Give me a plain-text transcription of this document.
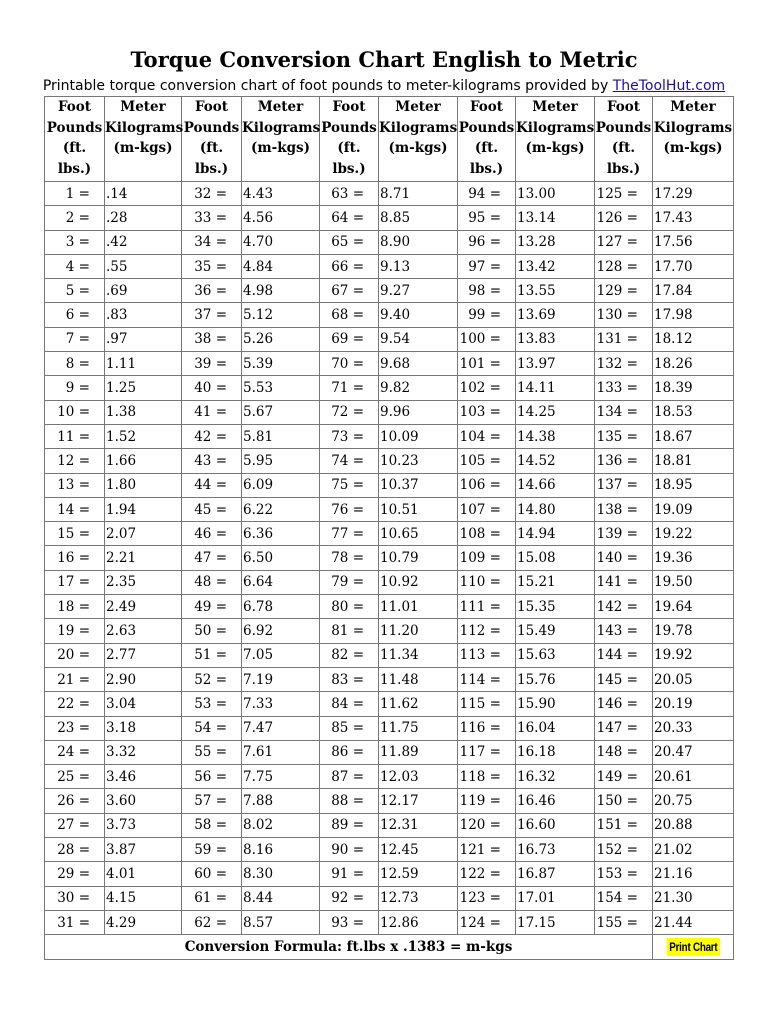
Torque Conversion Chart English to Metric
Printable torque conversion chart of foot pounds to meter-kilograms provided by TheToolHut.com
Foot
Pounds
(ft.
lbs.)	Meter
Kilograms
(m-kgs)	Foot
Pounds
(ft.
lbs.)	Meter
Kilograms
(m-kgs)	Foot
Pounds
(ft.
lbs.)	Meter
Kilograms
(m-kgs)	Foot
Pounds
(ft.
lbs.)	Meter
Kilograms
(m-kgs)	Foot
Pounds
(ft.
lbs.)	Meter
Kilograms
(m-kgs)
1 =	.14	32 =	4.43	63 =	8.71	94 =	13.00	125 =	17.29
2 =	.28	33 =	4.56	64 =	8.85	95 =	13.14	126 =	17.43
3 =	.42	34 =	4.70	65 =	8.90	96 =	13.28	127 =	17.56
4 =	.55	35 =	4.84	66 =	9.13	97 =	13.42	128 =	17.70
5 =	.69	36 =	4.98	67 =	9.27	98 =	13.55	129 =	17.84
6 =	.83	37 =	5.12	68 =	9.40	99 =	13.69	130 =	17.98
7 =	.97	38 =	5.26	69 =	9.54	100 =	13.83	131 =	18.12
8 =	1.11	39 =	5.39	70 =	9.68	101 =	13.97	132 =	18.26
9 =	1.25	40 =	5.53	71 =	9.82	102 =	14.11	133 =	18.39
10 =	1.38	41 =	5.67	72 =	9.96	103 =	14.25	134 =	18.53
11 =	1.52	42 =	5.81	73 =	10.09	104 =	14.38	135 =	18.67
12 =	1.66	43 =	5.95	74 =	10.23	105 =	14.52	136 =	18.81
13 =	1.80	44 =	6.09	75 =	10.37	106 =	14.66	137 =	18.95
14 =	1.94	45 =	6.22	76 =	10.51	107 =	14.80	138 =	19.09
15 =	2.07	46 =	6.36	77 =	10.65	108 =	14.94	139 =	19.22
16 =	2.21	47 =	6.50	78 =	10.79	109 =	15.08	140 =	19.36
17 =	2.35	48 =	6.64	79 =	10.92	110 =	15.21	141 =	19.50
18 =	2.49	49 =	6.78	80 =	11.01	111 =	15.35	142 =	19.64
19 =	2.63	50 =	6.92	81 =	11.20	112 =	15.49	143 =	19.78
20 =	2.77	51 =	7.05	82 =	11.34	113 =	15.63	144 =	19.92
21 =	2.90	52 =	7.19	83 =	11.48	114 =	15.76	145 =	20.05
22 =	3.04	53 =	7.33	84 =	11.62	115 =	15.90	146 =	20.19
23 =	3.18	54 =	7.47	85 =	11.75	116 =	16.04	147 =	20.33
24 =	3.32	55 =	7.61	86 =	11.89	117 =	16.18	148 =	20.47
25 =	3.46	56 =	7.75	87 =	12.03	118 =	16.32	149 =	20.61
26 =	3.60	57 =	7.88	88 =	12.17	119 =	16.46	150 =	20.75
27 =	3.73	58 =	8.02	89 =	12.31	120 =	16.60	151 =	20.88
28 =	3.87	59 =	8.16	90 =	12.45	121 =	16.73	152 =	21.02
29 =	4.01	60 =	8.30	91 =	12.59	122 =	16.87	153 =	21.16
30 =	4.15	61 =	8.44	92 =	12.73	123 =	17.01	154 =	21.30
31 =	4.29	62 =	8.57	93 =	12.86	124 =	17.15	155 =	21.44
Conversion Formula: ft.lbs x .1383 = m-kgs									Print Chart
